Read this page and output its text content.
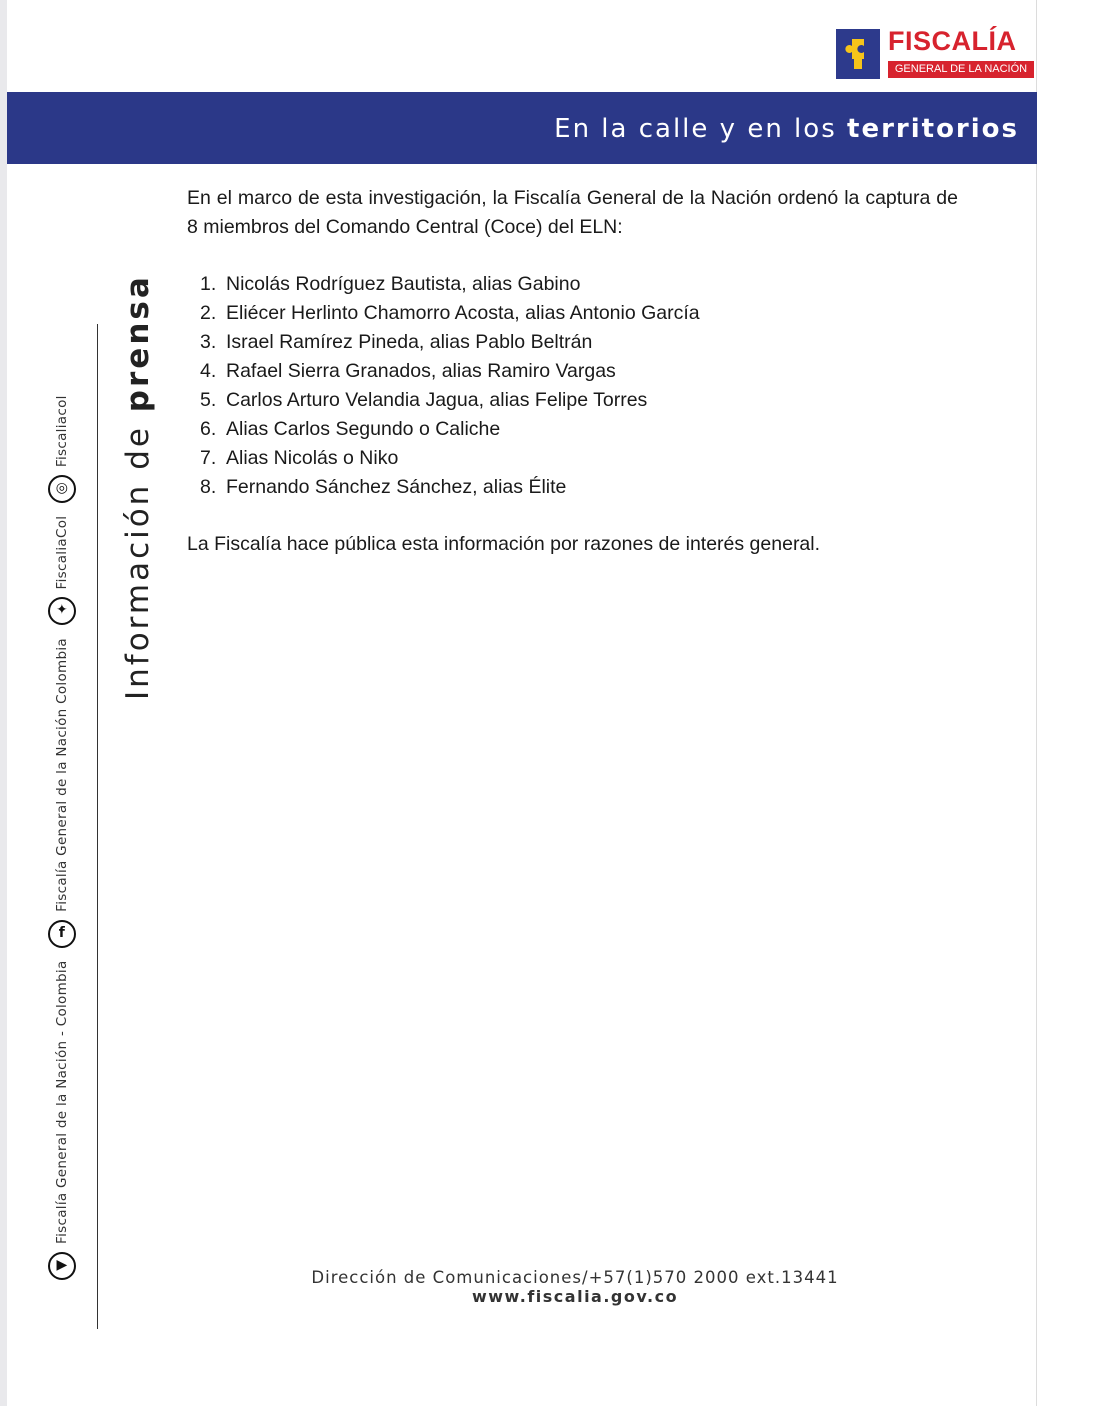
FISCALÍA
GENERAL DE LA NACIÓN
En la calle y en los territorios
En el marco de esta investigación, la Fiscalía General de la Nación ordenó la captura de 8 miembros del Comando Central (Coce) del ELN:
1. Nicolás Rodríguez Bautista, alias Gabino
2. Eliécer Herlinto Chamorro Acosta, alias Antonio García
3. Israel Ramírez Pineda, alias Pablo Beltrán
4. Rafael Sierra Granados, alias Ramiro Vargas
5. Carlos Arturo Velandia Jagua, alias Felipe Torres
6. Alias Carlos Segundo o Caliche
7. Alias Nicolás o Niko
8. Fernando Sánchez Sánchez, alias Élite
La Fiscalía hace pública esta información por razones de interés general.
Información de prensa
▶Fiscalía General de la Nación - Colombia fFiscalía General de la Nación Colombia ✦FiscaliaCol ◎Fiscaliacol
Dirección de Comunicaciones/+57(1)570 2000 ext.13441
www.fiscalia.gov.co
